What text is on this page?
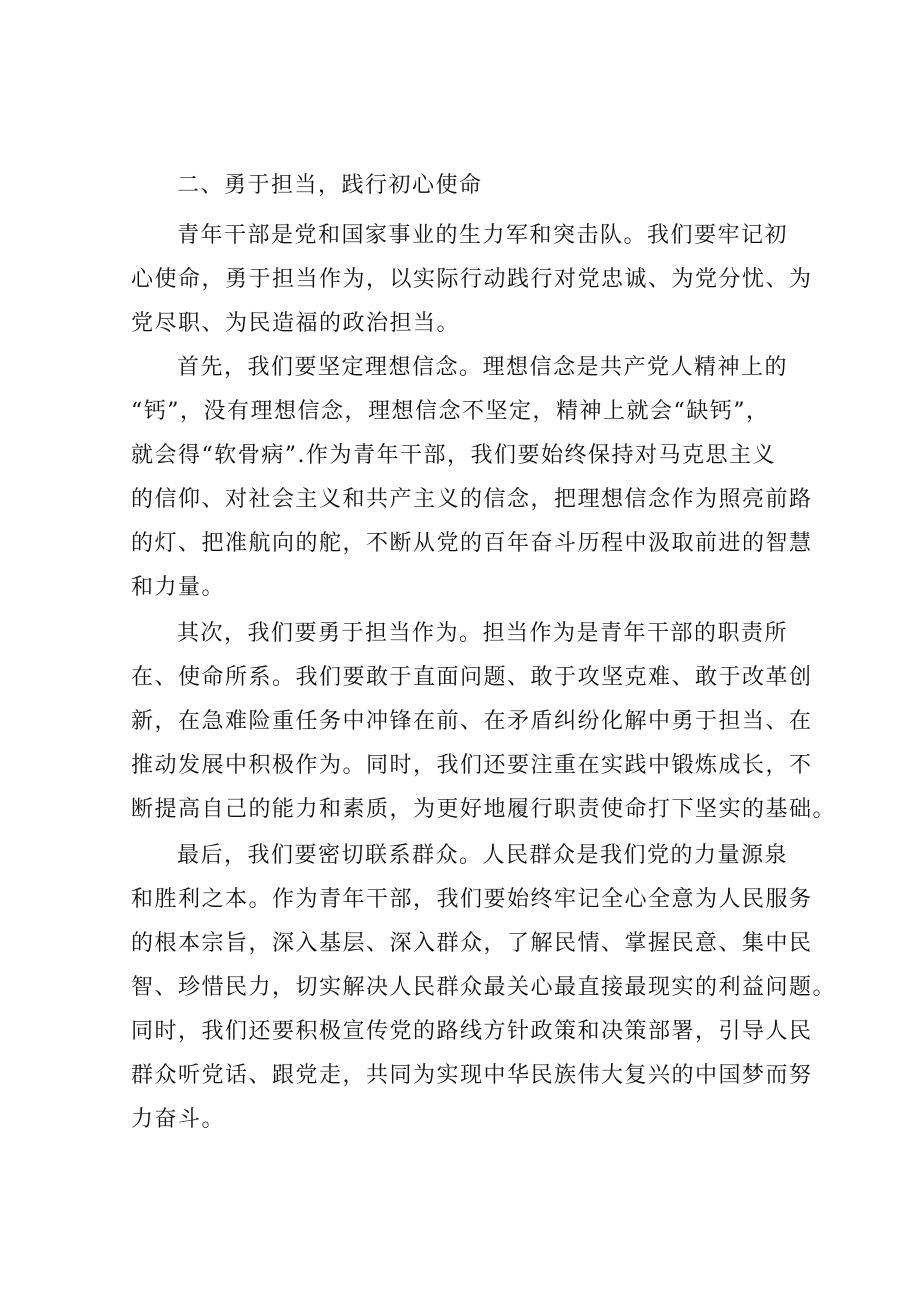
二、勇于担当，践行初心使命

青年干部是党和国家事业的生力军和突击队。我们要牢记初
心使命，勇于担当作为，以实际行动践行对党忠诚、为党分忧、为
党尽职、为民造福的政治担当。

首先，我们要坚定理想信念。理想信念是共产党人精神上的
“钙”，没有理想信念，理想信念不坚定，精神上就会“缺钙”，
就会得“软骨病”.作为青年干部，我们要始终保持对马克思主义
的信仰、对社会主义和共产主义的信念，把理想信念作为照亮前路
的灯、把准航向的舵，不断从党的百年奋斗历程中汲取前进的智慧
和力量。

其次，我们要勇于担当作为。担当作为是青年干部的职责所
在、使命所系。我们要敢于直面问题、敢于攻坚克难、敢于改革创
新，在急难险重任务中冲锋在前、在矛盾纠纷化解中勇于担当、在
推动发展中积极作为。同时，我们还要注重在实践中锻炼成长，不
断提高自己的能力和素质，为更好地履行职责使命打下坚实的基础。

最后，我们要密切联系群众。人民群众是我们党的力量源泉
和胜利之本。作为青年干部，我们要始终牢记全心全意为人民服务
的根本宗旨，深入基层、深入群众，了解民情、掌握民意、集中民
智、珍惜民力，切实解决人民群众最关心最直接最现实的利益问题。
同时，我们还要积极宣传党的路线方针政策和决策部署，引导人民
群众听党话、跟党走，共同为实现中华民族伟大复兴的中国梦而努
力奋斗。
